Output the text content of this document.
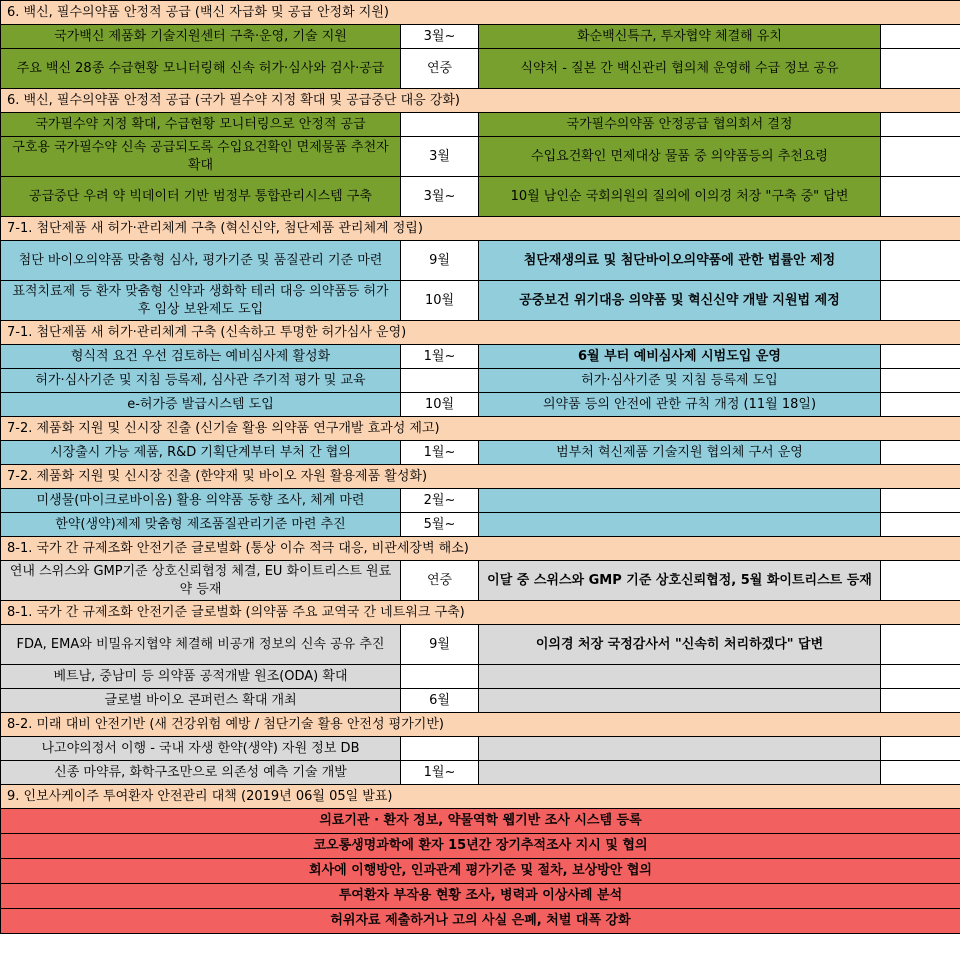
6. 백신, 필수의약품 안정적 공급 (백신 자급화 및 공급 안정화 지원)			
국가백신 제품화 기술지원센터 구축·운영, 기술 지원	3월~	화순백신특구, 투자협약 체결해 유치	
주요 백신 28종 수급현황 모니터링해 신속 허가·심사와 검사·공급	연중	식약처 - 질본 간 백신관리 협의체 운영해 수급 정보 공유	
6. 백신, 필수의약품 안정적 공급 (국가 필수약 지정 확대 및 공급중단 대응 강화)			
국가필수약 지정 확대, 수급현황 모니터링으로 안정적 공급		국가필수의약품 안정공급 협의회서 결정	
구호용 국가필수약 신속 공급되도록 수입요건확인 면제물품 추천자 확대	3월	수입요건확인 면제대상 물품 중 의약품등의 추천요령	
공급중단 우려 약 빅데이터 기반 범정부 통합관리시스템 구축	3월~	10월 남인순 국회의원의 질의에 이의경 처장 "구축 중" 답변	
7-1. 첨단제품 새 허가·관리체계 구축 (혁신신약, 첨단제품 관리체계 정립)			
첨단 바이오의약품 맞춤형 심사, 평가기준 및 품질관리 기준 마련	9월	첨단재생의료 및 첨단바이오의약품에 관한 법률안 제정	
표적치료제 등 환자 맞춤형 신약과 생화학 테러 대응 의약품등 허가 후 임상 보완제도 도입	10월	공중보건 위기대응 의약품 및 혁신신약 개발 지원법 제정	
7-1. 첨단제품 새 허가·관리체계 구축 (신속하고 투명한 허가심사 운영)			
형식적 요건 우선 검토하는 예비심사제 활성화	1월~	6월 부터 예비심사제 시범도입 운영	
허가·심사기준 및 지침 등록제, 심사관 주기적 평가 및 교육		허가·심사기준 및 지침 등록제 도입	
e-허가증 발급시스템 도입	10월	의약품 등의 안전에 관한 규칙 개정 (11월 18일)	
7-2. 제품화 지원 및 신시장 진출 (신기술 활용 의약품 연구개발 효과성 제고)			
시장출시 가능 제품, R&D 기획단계부터 부처 간 협의	1월~	범부처 혁신제품 기술지원 협의체 구서 운영	
7-2. 제품화 지원 및 신시장 진출 (한약재 및 바이오 자원 활용제품 활성화)			
미생물(마이크로바이옴) 활용 의약품 동향 조사, 체계 마련	2월~		
한약(생약)제제 맞춤형 제조품질관리기준 마련 추진	5월~		
8-1. 국가 간 규제조화 안전기준 글로벌화 (통상 이슈 적극 대응, 비관세장벽 해소)			
연내 스위스와 GMP기준 상호신뢰협정 체결, EU 화이트리스트 원료약 등재	연중	이달 중 스위스와 GMP 기준 상호신뢰협정, 5월 화이트리스트 등재	
8-1. 국가 간 규제조화 안전기준 글로벌화 (의약품 주요 교역국 간 네트워크 구축)			
FDA, EMA와 비밀유지협약 체결해 비공개 정보의 신속 공유 추진	9월	이의경 처장 국정감사서 "신속히 처리하겠다" 답변	
베트남, 중남미 등 의약품 공적개발 원조(ODA) 확대			
글로벌 바이오 콘퍼런스 확대 개최	6월		
8-2. 미래 대비 안전기반 (새 건강위험 예방 / 첨단기술 활용 안전성 평가기반)			
나고야의정서 이행 - 국내 자생 한약(생약) 자원 정보 DB			
신종 마약류, 화학구조만으로 의존성 예측 기술 개발	1월~		
9. 인보사케이주 투여환자 안전관리 대책 (2019년 06월 05일 발표)			
의료기관 · 환자 정보, 약물역학 웹기반 조사 시스템 등록			
코오롱생명과학에 환자 15년간 장기추적조사 지시 및 협의			
회사에 이행방안, 인과관계 평가기준 및 절차, 보상방안 협의			
투여환자 부작용 현황 조사, 병력과 이상사례 분석			
허위자료 제출하거나 고의 사실 은폐, 처벌 대폭 강화			
